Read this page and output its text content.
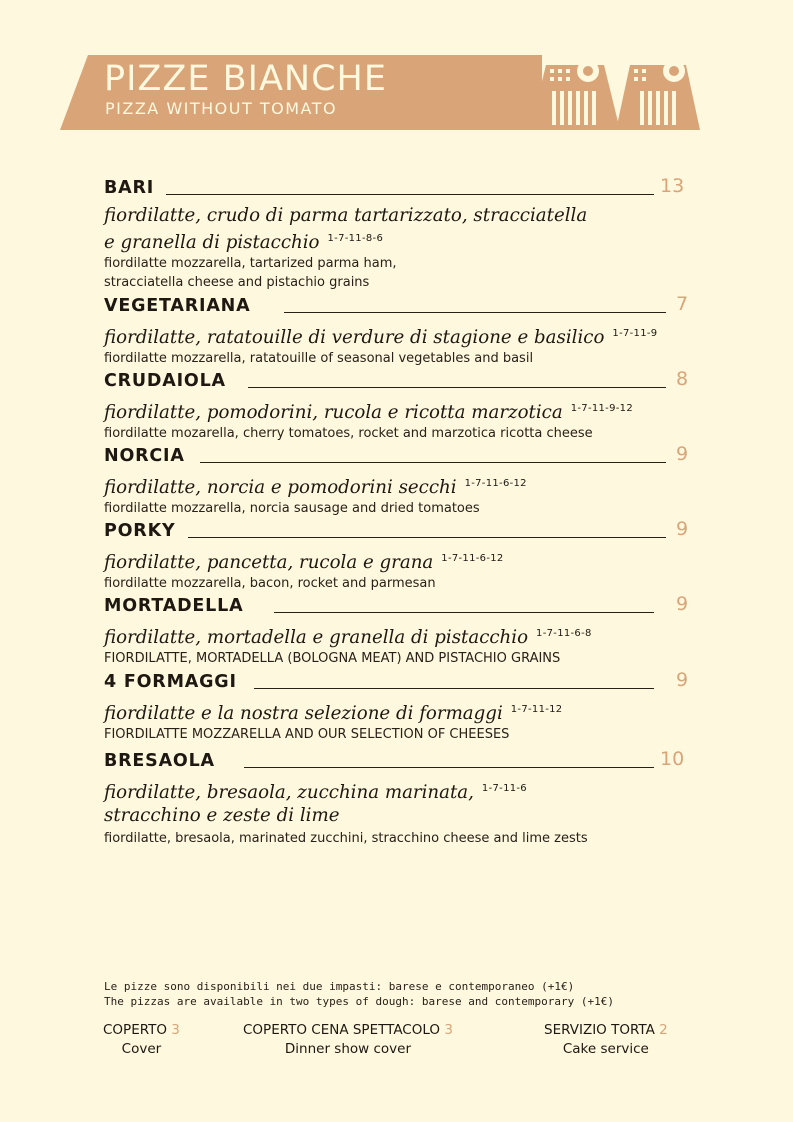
PIZZE BIANCHE
PIZZA WITHOUT TOMATO
BARI	13
fiordilatte, crudo di parma tartarizzato, stracciatella
e granella di pistacchio $^{1-7-11-8-6}$
fiordilatte mozzarella, tartarized parma ham,
stracciatella cheese and pistachio grains
VEGETARIANA	7
fiordilatte, ratatouille di verdure di stagione e basilico $^{1-7-11-9}$
fiordilatte mozzarella, ratatouille of seasonal vegetables and basil
CRUDAIOLA	8
fiordilatte, pomodorini, rucola e ricotta marzotica $^{1-7-11-9-12}$
fiordilatte mozarella, cherry tomatoes, rocket and marzotica ricotta cheese
NORCIA	9
fiordilatte, norcia e pomodorini secchi $^{1-7-11-6-12}$
fiordilatte mozzarella, norcia sausage and dried tomatoes
PORKY	9
fiordilatte, pancetta, rucola e grana $^{1-7-11-6-12}$
fiordilatte mozzarella, bacon, rocket and parmesan
MORTADELLA	9
fiordilatte, mortadella e granella di pistacchio $^{1-7-11-6-8}$
FIORDILATTE, MORTADELLA (BOLOGNA MEAT) AND PISTACHIO GRAINS
4 FORMAGGI	9
fiordilatte e la nostra selezione di formaggi $^{1-7-11-12}$
FIORDILATTE MOZZARELLA AND OUR SELECTION OF CHEESES
BRESAOLA	10
fiordilatte, bresaola, zucchina marinata, $^{1-7-11-6}$
stracchino e zeste di lime
fiordilatte, bresaola, marinated zucchini, stracchino cheese and lime zests
Le pizze sono disponibili nei due impasti: barese e contemporaneo (+1€)
The pizzas are available in two types of dough: barese and contemporary (+1€)
COPERTO 3
Cover
COPERTO CENA SPETTACOLO 3
Dinner show cover
SERVIZIO TORTA 2
Cake service
